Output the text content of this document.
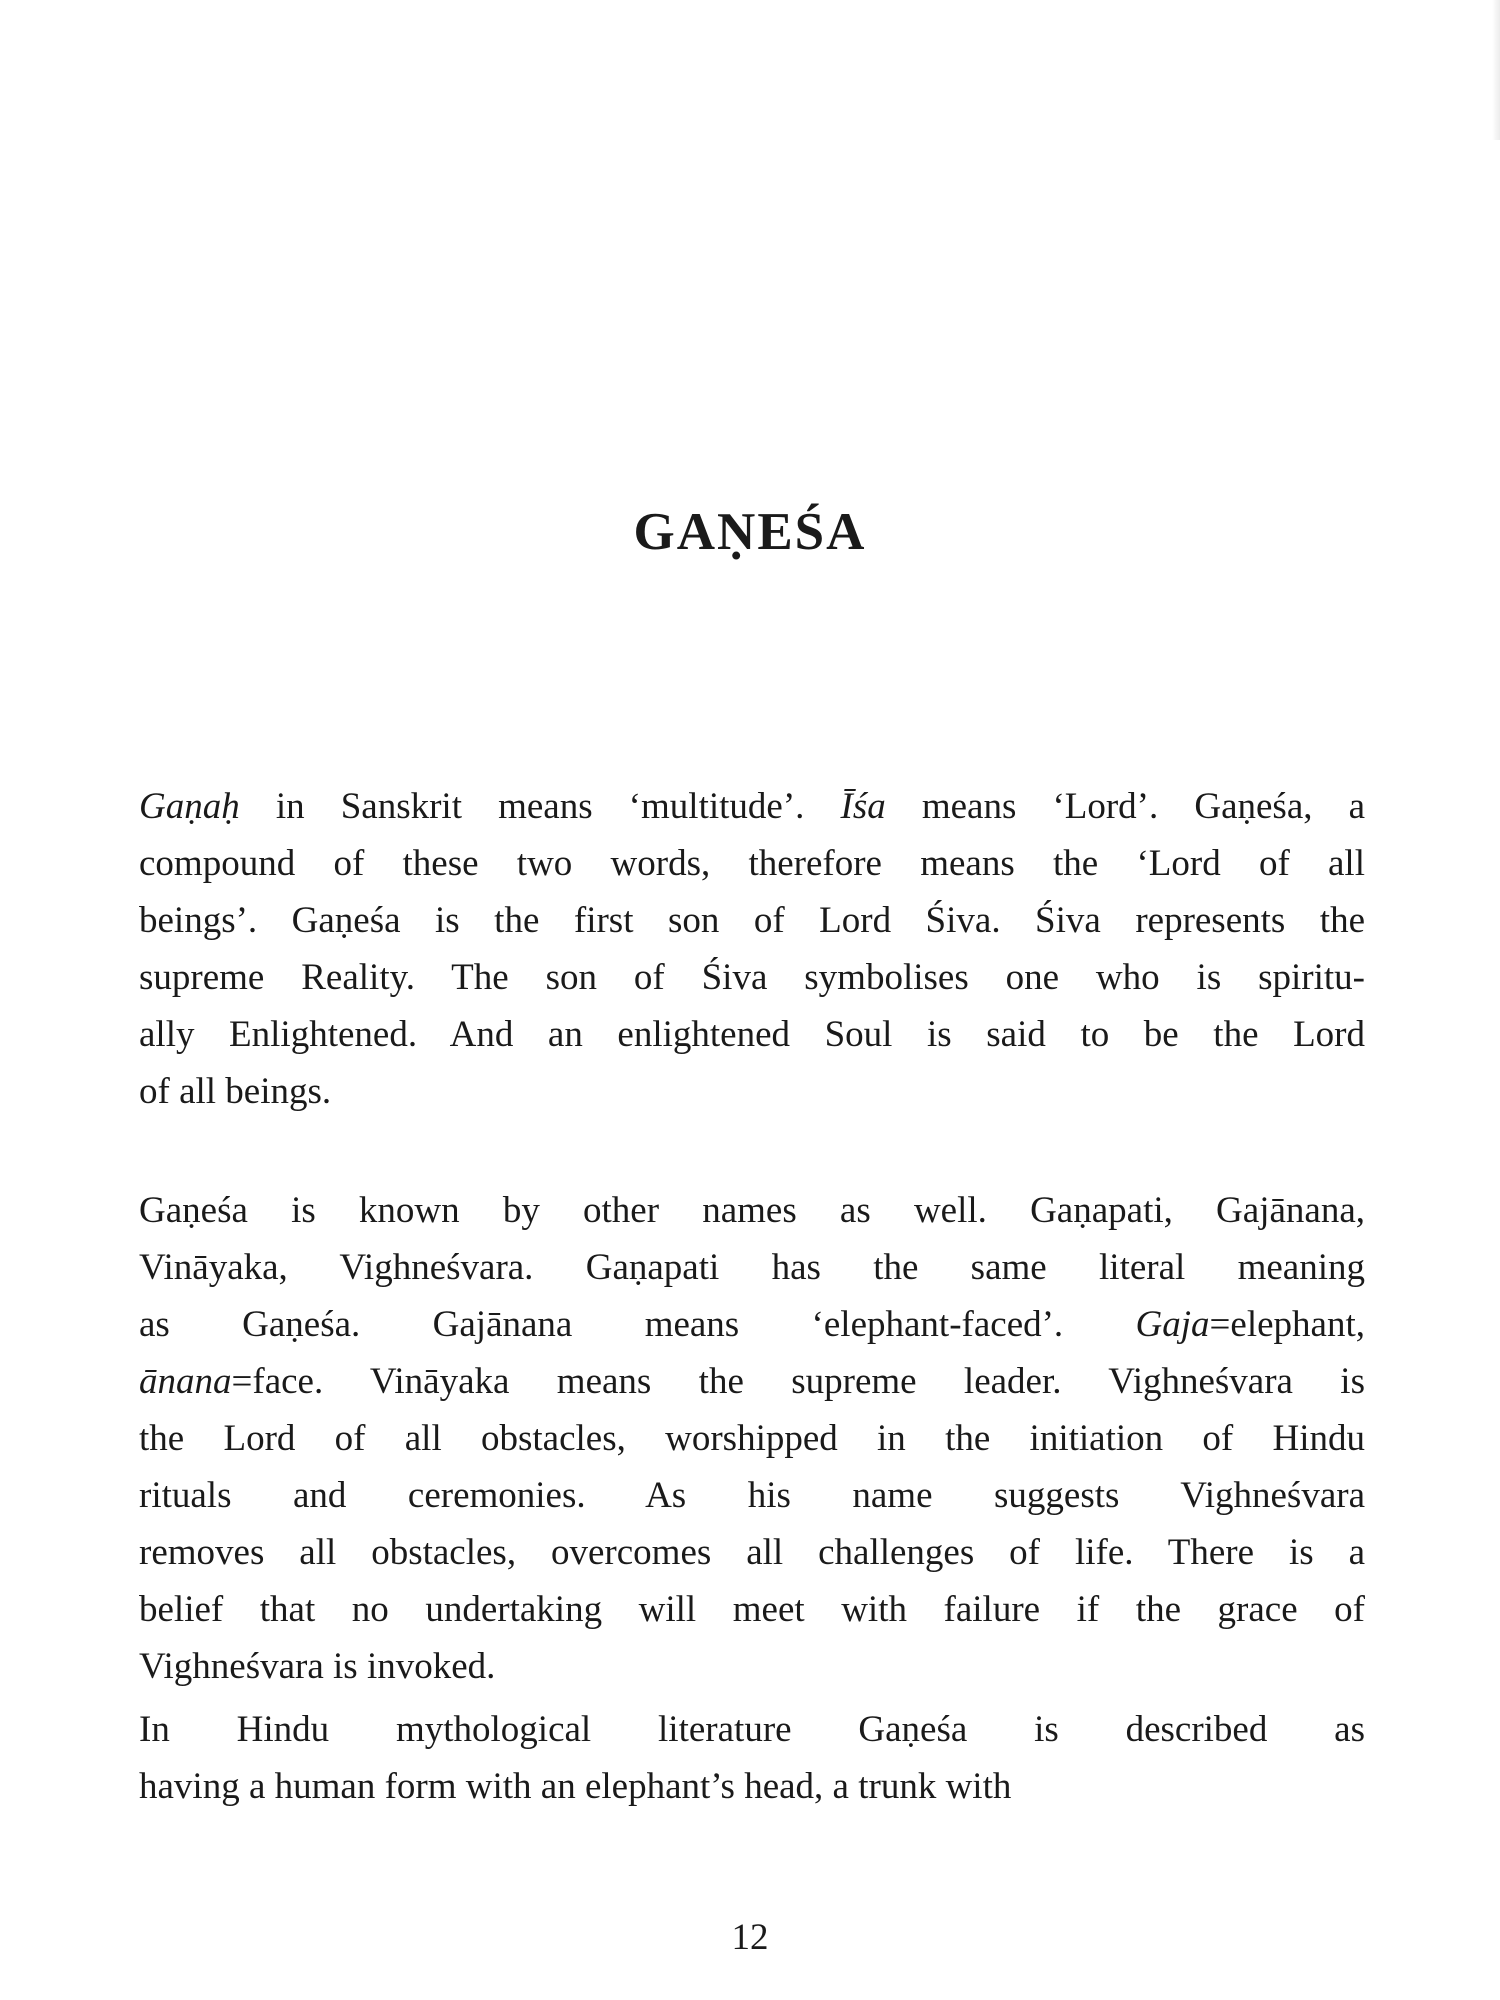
GAṆEŚA
Gaṇaḥ in Sanskrit means ‘multitude’. Īśa means ‘Lord’. Gaṇeśa, a
compound of these two words, therefore means the ‘Lord of all
beings’. Gaṇeśa is the first son of Lord Śiva. Śiva represents the
supreme Reality. The son of Śiva symbolises one who is spiritu-
ally Enlightened. And an enlightened Soul is said to be the Lord
of all beings.
Gaṇeśa is known by other names as well. Gaṇapati, Gajānana,
Vināyaka, Vighneśvara. Gaṇapati has the same literal meaning
as Gaṇeśa. Gajānana means ‘elephant-faced’. Gaja=elephant,
ānana=face. Vināyaka means the supreme leader. Vighneśvara is
the Lord of all obstacles, worshipped in the initiation of Hindu
rituals and ceremonies. As his name suggests Vighneśvara
removes all obstacles, overcomes all challenges of life. There is a
belief that no undertaking will meet with failure if the grace of
Vighneśvara is invoked.
In Hindu mythological literature Gaṇeśa is described as
having a human form with an elephant’s head, a trunk with

12
